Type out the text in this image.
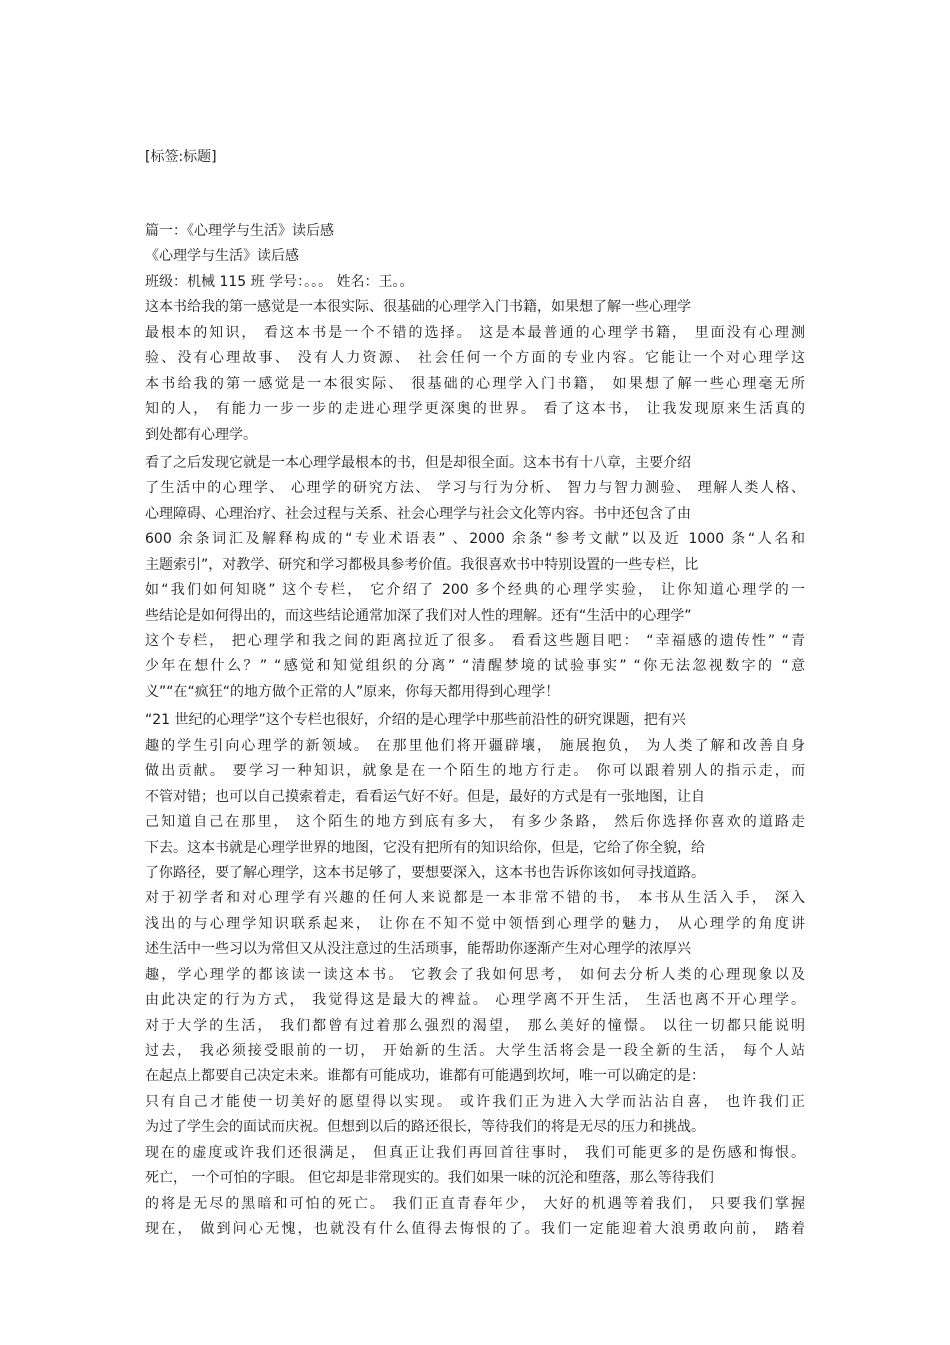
[标签:标题]
篇一：《心理学与生活》读后感
《心理学与生活》读后感
班级：机械 115 班 学号：。。。 姓名：王。。
这本书给我的第一感觉是一本很实际、很基础的心理学入门书籍，如果想了解一些心理学
最根本的知识， 看这本书是一个不错的选择。 这是本最普通的心理学书籍， 里面没有心理测
验、没有心理故事、 没有人力资源、 社会任何一个方面的专业内容。它能让一个对心理学这
本书给我的第一感觉是一本很实际、 很基础的心理学入门书籍， 如果想了解一些心理毫无所
知的人， 有能力一步一步的走进心理学更深奥的世界。 看了这本书， 让我发现原来生活真的
到处都有心理学。
看了之后发现它就是一本心理学最根本的书，但是却很全面。这本书有十八章，主要介绍
了生活中的心理学、 心理学的研究方法、 学习与行为分析、 智力与智力测验、 理解人类人格、
心理障碍、心理治疗、社会过程与关系、社会心理学与社会文化等内容。书中还包含了由
600 余条词汇及解释构成的“专业术语表” 、2000 余条“参考文献”以及近 1000 条“人名和
主题索引”，对教学、研究和学习都极具参考价值。我很喜欢书中特别设置的一些专栏，比
如“我们如何知晓” 这个专栏， 它介绍了 200 多个经典的心理学实验， 让你知道心理学的一
些结论是如何得出的，而这些结论通常加深了我们对人性的理解。还有“生活中的心理学”
这个专栏， 把心理学和我之间的距离拉近了很多。 看看这些题目吧： “幸福感的遗传性” “青
少年在想什么？” “感觉和知觉组织的分离” “清醒梦境的试验事实” “你无法忽视数字的 “意
义”“在“疯狂“的地方做个正常的人”原来，你每天都用得到心理学！
“21 世纪的心理学”这个专栏也很好，介绍的是心理学中那些前沿性的研究课题，把有兴
趣的学生引向心理学的新领域。 在那里他们将开疆辟壤， 施展抱负， 为人类了解和改善自身
做出贡献。 要学习一种知识，就象是在一个陌生的地方行走。 你可以跟着别人的指示走，而
不管对错；也可以自己摸索着走，看看运气好不好。但是，最好的方式是有一张地图，让自
己知道自己在那里， 这个陌生的地方到底有多大， 有多少条路， 然后你选择你喜欢的道路走
下去。这本书就是心理学世界的地图，它没有把所有的知识给你，但是，它给了你全貌，给
了你路径，要了解心理学，这本书足够了，要想要深入，这本书也告诉你该如何寻找道路。
对于初学者和对心理学有兴趣的任何人来说都是一本非常不错的书， 本书从生活入手， 深入
浅出的与心理学知识联系起来， 让你在不知不觉中领悟到心理学的魅力， 从心理学的角度讲
述生活中一些习以为常但又从没注意过的生活琐事，能帮助你逐渐产生对心理学的浓厚兴
趣，学心理学的都该读一读这本书。 它教会了我如何思考， 如何去分析人类的心理现象以及
由此决定的行为方式， 我觉得这是最大的裨益。 心理学离不开生活， 生活也离不开心理学。
对于大学的生活， 我们都曾有过着那么强烈的渴望， 那么美好的憧憬。 以往一切都只能说明
过去， 我必须接受眼前的一切， 开始新的生活。大学生活将会是一段全新的生活， 每个人站
在起点上都要自己决定未来。谁都有可能成功，谁都有可能遇到坎坷，唯一可以确定的是：
只有自己才能使一切美好的愿望得以实现。 或许我们正为进入大学而沾沾自喜， 也许我们正
为过了学生会的面试而庆祝。但想到以后的路还很长，等待我们的将是无尽的压力和挑战。
现在的虚度或许我们还很满足， 但真正让我们再回首往事时， 我们可能更多的是伤感和悔恨。
死亡， 一个可怕的字眼。 但它却是非常现实的。我们如果一味的沉沦和堕落，那么等待我们
的将是无尽的黑暗和可怕的死亡。 我们正直青春年少， 大好的机遇等着我们， 只要我们掌握
现在， 做到问心无愧，也就没有什么值得去悔恨的了。我们一定能迎着大浪勇敢向前， 踏着
